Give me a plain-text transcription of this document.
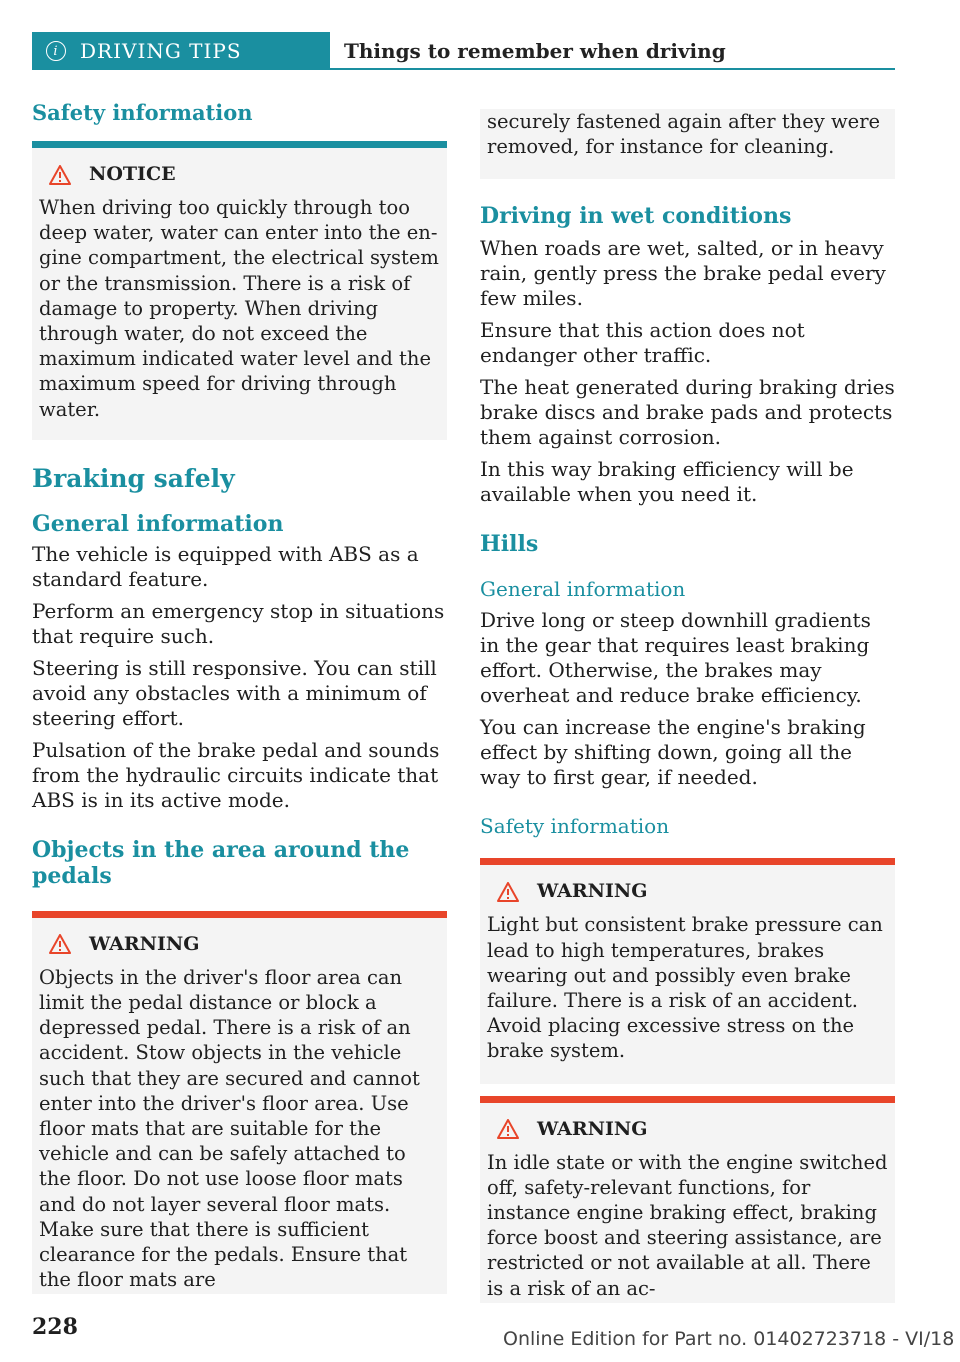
i	DRIVING TIPS	Things to remember when driving
Safety information
NOTICE

When driving too quickly through too deep water, water can enter into the engine compartment, the electrical system or the transmission. There is a risk of damage to property. When driving through water, do not exceed the maximum indicated water level and the maximum speed for driving through water.

Braking safely
General information

The vehicle is equipped with ABS as a standard feature.

Perform an emergency stop in situations that require such.

Steering is still responsive. You can still avoid any obstacles with a minimum of steering effort.

Pulsation of the brake pedal and sounds from the hydraulic circuits indicate that ABS is in its active mode.

Objects in the area around the pedals
WARNING

Objects in the driver's floor area can limit the pedal distance or block a depressed pedal. There is a risk of an accident. Stow objects in the vehicle such that they are secured and cannot enter into the driver's floor area. Use floor mats that are suitable for the vehicle and can be safely attached to the floor. Do not use loose floor mats and do not layer several floor mats. Make sure that there is sufficient clearance for the pedals. Ensure that the floor mats are

securely fastened again after they were removed, for instance for cleaning.

Driving in wet conditions

When roads are wet, salted, or in heavy rain, gently press the brake pedal every few miles.

Ensure that this action does not endanger other traffic.

The heat generated during braking dries brake discs and brake pads and protects them against corrosion.

In this way braking efficiency will be available when you need it.

Hills
General information

Drive long or steep downhill gradients in the gear that requires least braking effort. Otherwise, the brakes may overheat and reduce brake efficiency.

You can increase the engine's braking effect by shifting down, going all the way to first gear, if needed.

Safety information
WARNING

Light but consistent brake pressure can lead to high temperatures, brakes wearing out and possibly even brake failure. There is a risk of an accident. Avoid placing excessive stress on the brake system.

WARNING

In idle state or with the engine switched off, safety-relevant functions, for instance engine braking effect, braking force boost and steering assistance, are restricted or not available at all. There is a risk of an ac-

228	Online Edition for Part no. 01402723718 - VI/18
